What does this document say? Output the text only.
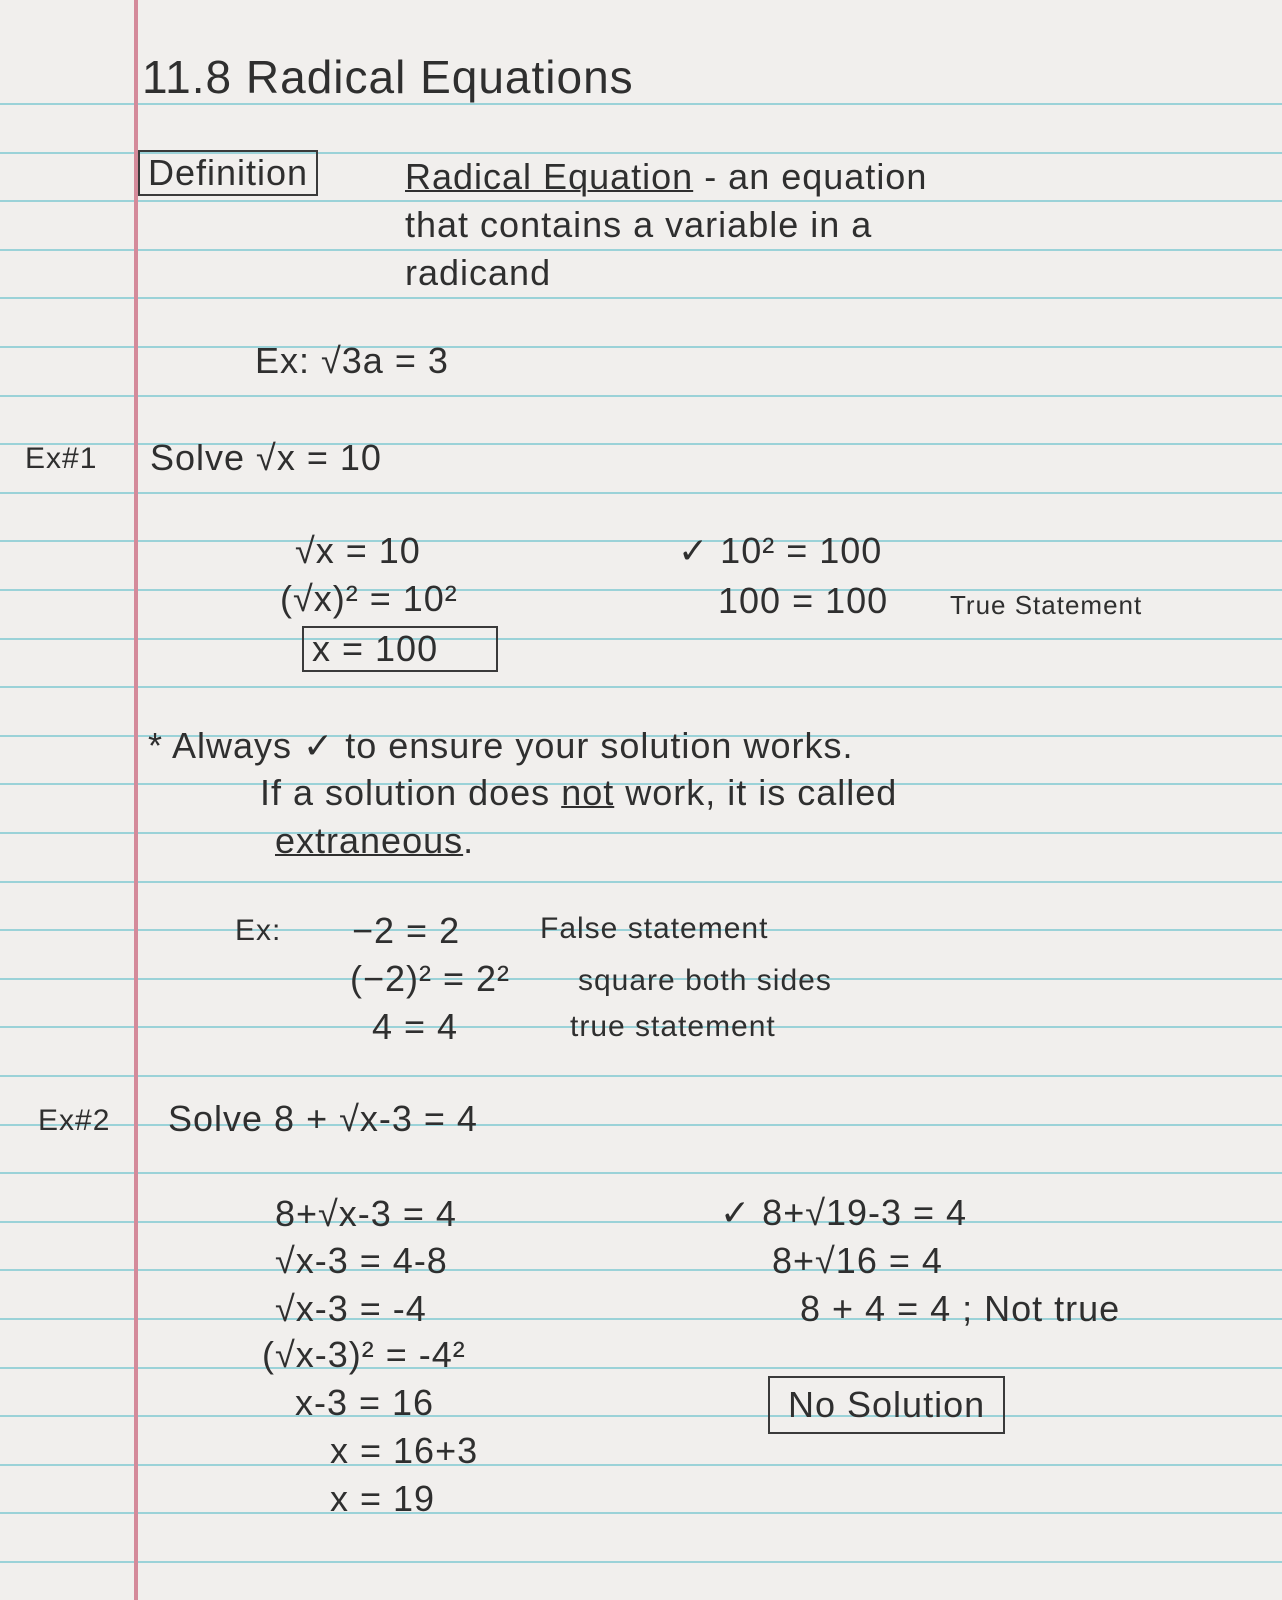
11.8 Radical Equations
Definition	Radical Equation - an equation
that contains a variable in a
radicand
Ex: √3a = 3
Ex#1 Solve √x = 10
√x = 10
(√x)² = 10²
x = 100
✓ 10² = 100
100 = 100 True Statement
* Always ✓ to ensure your solution works.
If a solution does not work, it is called
extraneous.
Ex: −2 = 2	False statement
(−2)² = 2² square both sides
4 = 4	true statement
Ex#2 Solve 8 + √x-3 = 4
8+√x-3 = 4
√x-3 = 4-8
√x-3 = -4
(√x-3)² = -4²
x-3 = 16
x = 16+3
x = 19
✓ 8+√19-3 = 4
8+√16 = 4
8 + 4 = 4 ; Not true
No Solution
